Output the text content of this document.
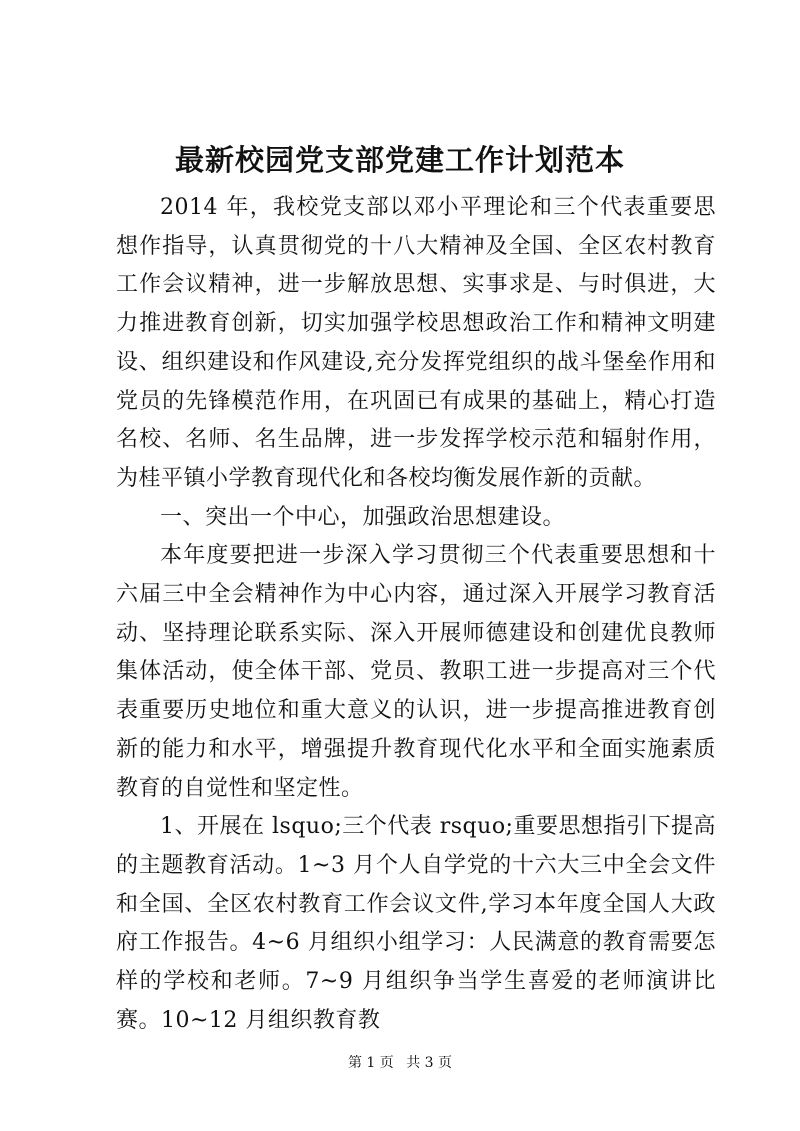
最新校园党支部党建工作计划范本

2014 年，我校党支部以邓小平理论和三个代表重要思想作指导，认真贯彻党的十八大精神及全国、全区农村教育工作会议精神，进一步解放思想、实事求是、与时俱进，大力推进教育创新，切实加强学校思想政治工作和精神文明建设、组织建设和作风建设,充分发挥党组织的战斗堡垒作用和党员的先锋模范作用，在巩固已有成果的基础上，精心打造名校、名师、名生品牌，进一步发挥学校示范和辐射作用，为桂平镇小学教育现代化和各校均衡发展作新的贡献。

一、突出一个中心，加强政治思想建设。

本年度要把进一步深入学习贯彻三个代表重要思想和十六届三中全会精神作为中心内容，通过深入开展学习教育活动、坚持理论联系实际、深入开展师德建设和创建优良教师集体活动，使全体干部、党员、教职工进一步提高对三个代表重要历史地位和重大意义的认识，进一步提高推进教育创新的能力和水平，增强提升教育现代化水平和全面实施素质教育的自觉性和坚定性。

1、开展在 lsquo;三个代表 rsquo;重要思想指引下提高的主题教育活动。1~3 月个人自学党的十六大三中全会文件和全国、全区农村教育工作会议文件,学习本年度全国人大政府工作报告。4~6 月组织小组学习：人民满意的教育需要怎样的学校和老师。7~9 月组织争当学生喜爱的老师演讲比赛。10~12 月组织教育教

第 1 页 共 3 页
